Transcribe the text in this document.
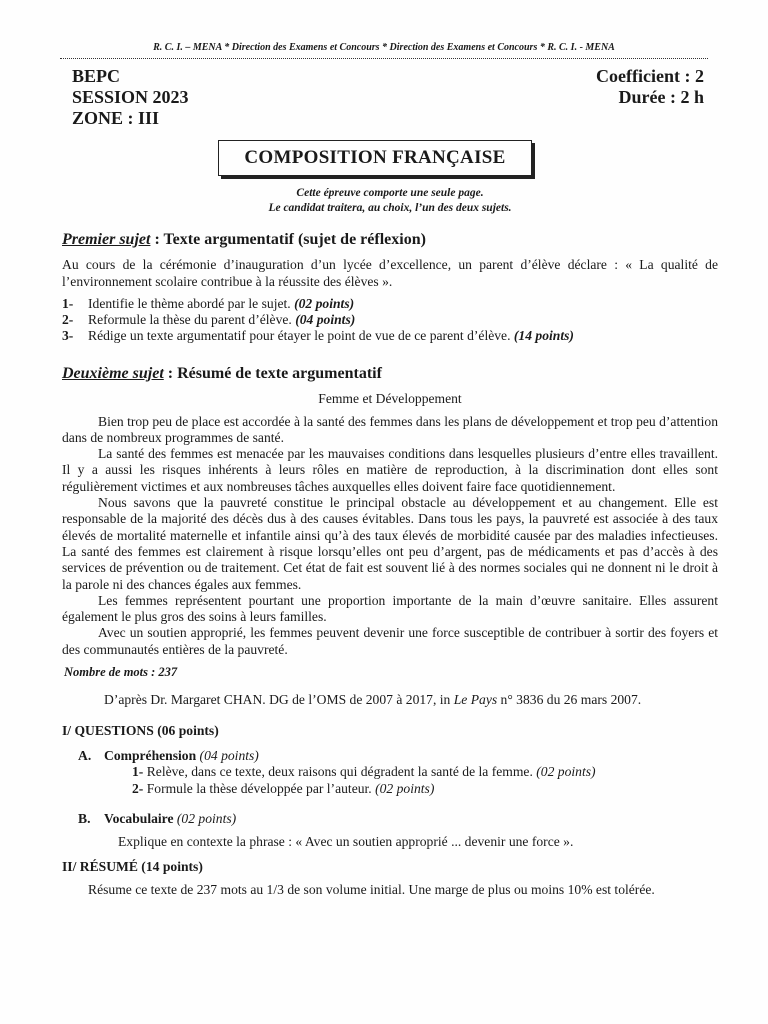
R. C. I. – MENA * Direction des Examens et Concours * Direction des Examens et Concours * R. C. I. - MENA
BEPC
SESSION 2023
ZONE : III
Coefficient : 2
Durée : 2 h
COMPOSITION FRANÇAISE
Cette épreuve comporte une seule page.
Le candidat traitera, au choix, l’un des deux sujets.
Premier sujet : Texte argumentatif (sujet de réflexion)

Au cours de la cérémonie d’inauguration d’un lycée d’excellence, un parent d’élève déclare : « La qualité de l’environnement scolaire contribue à la réussite des élèves ».

1-	Identifie le thème abordé par le sujet. (02 points)
2-	Reformule la thèse du parent d’élève. (04 points)
3-	Rédige un texte argumentatif pour étayer le point de vue de ce parent d’élève. (14 points)
Deuxième sujet : Résumé de texte argumentatif

Femme et Développement

Bien trop peu de place est accordée à la santé des femmes dans les plans de développement et trop peu d’attention dans de nombreux programmes de santé.

La santé des femmes est menacée par les mauvaises conditions dans lesquelles plusieurs d’entre elles travaillent. Il y a aussi les risques inhérents à leurs rôles en matière de reproduction, à la discrimination dont elles sont régulièrement victimes et aux nombreuses tâches auxquelles elles doivent faire face quotidiennement.

Nous savons que la pauvreté constitue le principal obstacle au développement et au changement. Elle est responsable de la majorité des décès dus à des causes évitables. Dans tous les pays, la pauvreté est associée à des taux élevés de mortalité maternelle et infantile ainsi qu’à des taux élevés de morbidité causée par des maladies infectieuses. La santé des femmes est clairement à risque lorsqu’elles ont peu d’argent, pas de médicaments et pas d’accès à des services de prévention ou de traitement. Cet état de fait est souvent lié à des normes sociales qui ne donnent ni le droit à la parole ni des chances égales aux femmes.

Les femmes représentent pourtant une proportion importante de la main d’œuvre sanitaire. Elles assurent également le plus gros des soins à leurs familles.

Avec un soutien approprié, les femmes peuvent devenir une force susceptible de contribuer à sortir des foyers et des communautés entières de la pauvreté.

Nombre de mots : 237

D’après Dr. Margaret CHAN. DG de l’OMS de 2007 à 2017, in Le Pays n° 3836 du 26 mars 2007.

I/ QUESTIONS (06 points)

A. Compréhension (04 points)

1- Relève, dans ce texte, deux raisons qui dégradent la santé de la femme. (02 points)

2- Formule la thèse développée par l’auteur. (02 points)

B. Vocabulaire (02 points)

Explique en contexte la phrase : « Avec un soutien approprié ... devenir une force ».

II/ RÉSUMÉ (14 points)

Résume ce texte de 237 mots au 1/3 de son volume initial. Une marge de plus ou moins 10% est tolérée.
